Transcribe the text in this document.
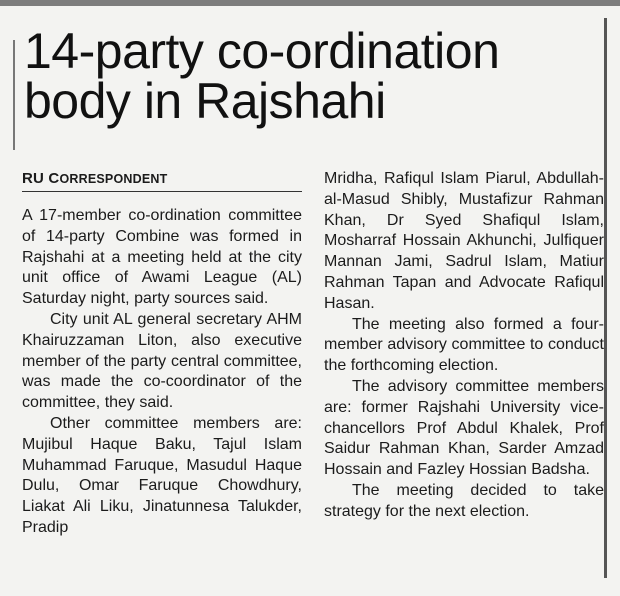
14-party co-ordination body in Rajshahi
RU CORRESPONDENT

A 17-member co-ordination committee of 14-party Combine was formed in Rajshahi at a meeting held at the city unit office of Awami League (AL) Saturday night, party sources said.

City unit AL general secretary AHM Khairuzzaman Liton, also executive member of the party central committee, was made the co-coordinator of the committee, they said.

Other committee members are: Mujibul Haque Baku, Tajul Islam Muhammad Faruque, Masudul Haque Dulu, Omar Faruque Chowdhury, Liakat Ali Liku, Jinatunnesa Talukder, Pradip

Mridha, Rafiqul Islam Piarul, Abdullah-al-Masud Shibly, Mustafizur Rahman Khan, Dr Syed Shafiqul Islam, Mosharraf Hossain Akhunchi, Julfiquer Mannan Jami, Sadrul Islam, Matiur Rahman Tapan and Advocate Rafiqul Hasan.

The meeting also formed a four-member advisory committee to conduct the forthcoming election.

The advisory committee members are: former Rajshahi University vice-chancellors Prof Abdul Khalek, Prof Saidur Rahman Khan, Sarder Amzad Hossain and Fazley Hossian Badsha.

The meeting decided to take strategy for the next election.
